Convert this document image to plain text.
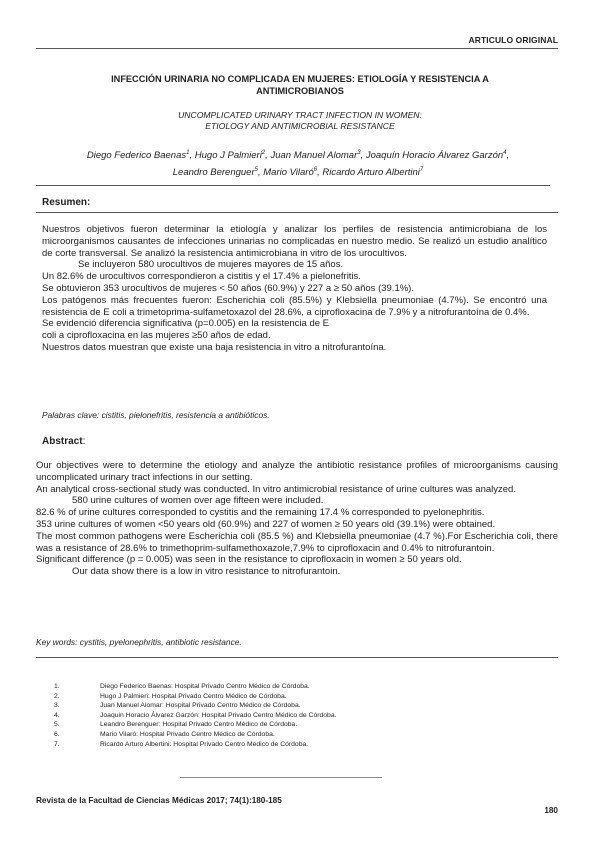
ARTICULO ORIGINAL
INFECCIÓN URINARIA NO COMPLICADA EN MUJERES: ETIOLOGÍA Y RESISTENCIA A
ANTIMICROBIANOS
UNCOMPLICATED URINARY TRACT INFECTION IN WOMEN:
ETIOLOGY AND ANTIMICROBIAL RESISTANCE
Diego Federico Baenas$^1$, Hugo J Palmieri$^2$, Juan Manuel Alomar$^3$, Joaquín Horacio Álvarez Garzón$^4$,
Leandro Berenguer$^5$, Mario Vilaró$^6$, Ricardo Arturo Albertini$^7$
Resumen:

Nuestros objetivos fueron determinar la etiología y analizar los perfiles de resistencia antimicrobiana de los microorganismos causantes de infecciones urinarias no complicadas en nuestro medio. Se realizó un estudio analítico de corte transversal. Se analizó la resistencia antimicrobiana in vitro de los urocultivos.

Se incluyeron 580 urocultivos de mujeres mayores de 15 años.

Un 82.6% de urocultivos correspondieron a cistitis y el 17.4% a pielonefritis.

Se obtuvieron 353 urocultivos de mujeres < 50 años (60.9%) y 227 a ≥ 50 años (39.1%).

Los patógenos más frecuentes fueron: Escherichia coli (85.5%) y Klebsiella pneumoniae (4.7%). Se encontró una resistencia de E coli a trimetoprima-sulfametoxazol del 28.6%, a ciprofloxacina de 7.9% y a nitrofurantoína de 0.4%.

Se evidenció diferencia significativa (p=0.005) en la resistencia de E

coli a ciprofloxacina en las mujeres ≥50 años de edad.

Nuestros datos muestran que existe una baja resistencia in vitro a nitrofurantoína.

Palabras clave: cistitis, pielonefritis, resistencia a antibióticos.
Abstract:

Our objectives were to determine the etiology and analyze the antibiotic resistance profiles of microorganisms causing uncomplicated urinary tract infections in our setting.

An analytical cross-sectional study was conducted. In vitro antimicrobial resistance of urine cultures was analyzed.

580 urine cultures of women over age fifteen were included.

82.6 % of urine cultures corresponded to cystitis and the remaining 17.4 % corresponded to pyelonephritis.

353 urine cultures of women <50 years old (60.9%) and 227 of women ≥ 50 years old (39.1%) were obtained.

The most common pathogens were Escherichia coli (85.5 %) and Klebsiella pneumoniae (4.7 %).For Escherichia coli, there was a resistance of 28.6% to trimethoprim-sulfamethoxazole,7.9% to ciprofloxacin and 0.4% to nitrofurantoin.

Significant difference (p = 0.005) was seen in the resistance to ciprofloxacin in women ≥ 50 years old.

Our data show there is a low in vitro resistance to nitrofurantoin.

Key words: cystitis, pyelonephritis, antibiotic resistance.
1.	Diego Federico Baenas: Hospital Privado Centro Médico de Córdoba.
2.	Hugo J Palmieri: Hospital Privado Centro Médico de Córdoba.
3.	Juan Manuel Alomar: Hospital Privado Centro Médico de Córdoba.
4.	Joaquin Horacio Álvarez Garzón: Hospital Privado Centro Médico de Córdoba.
5.	Leandro Berenguer: Hospital Privado Centro Médico de Córdoba.
6.	Mario Vilaró: Hospital Privado Centro Médico de Córdoba.
7.	Ricardo Arturo Albertini: Hospital Privado Centro Médico de Córdoba.
Revista de la Facultad de Ciencias Médicas 2017; 74(1):180-185
180
